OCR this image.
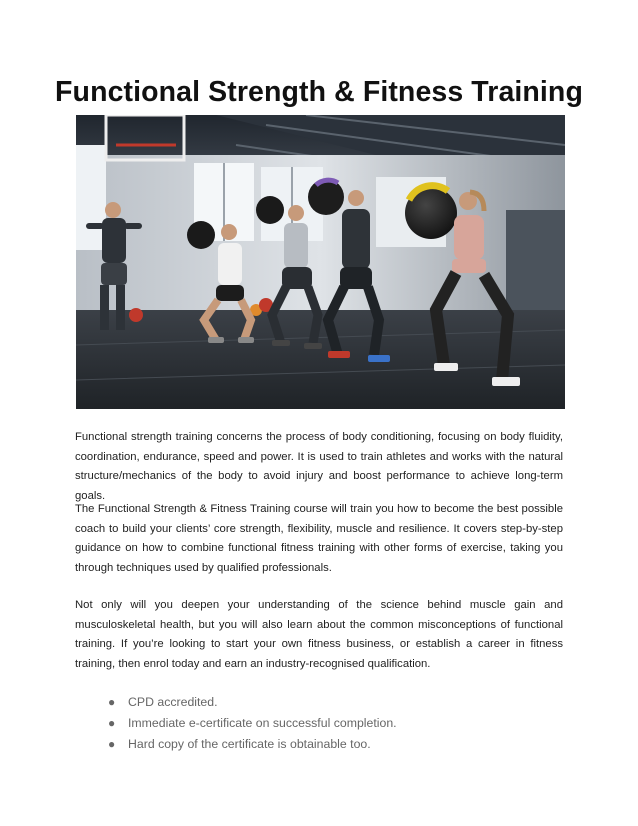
Functional Strength & Fitness Training

Functional strength training concerns the process of body conditioning, focusing on body fluidity, coordination, endurance, speed and power. It is used to train athletes and works with the natural structure/mechanics of the body to avoid injury and boost performance to achieve long-term goals.

The Functional Strength & Fitness Training course will train you how to become the best possible coach to build your clients’ core strength, flexibility, muscle and resilience. It covers step-by-step guidance on how to combine functional fitness training with other forms of exercise, taking you through techniques used by qualified professionals.

Not only will you deepen your understanding of the science behind muscle gain and musculoskeletal health, but you will also learn about the common misconceptions of functional training. If you’re looking to start your own fitness business, or establish a career in fitness training, then enrol today and earn an industry-recognised qualification.

● CPD accredited.
● Immediate e-certificate on successful completion.
● Hard copy of the certificate is obtainable too.
